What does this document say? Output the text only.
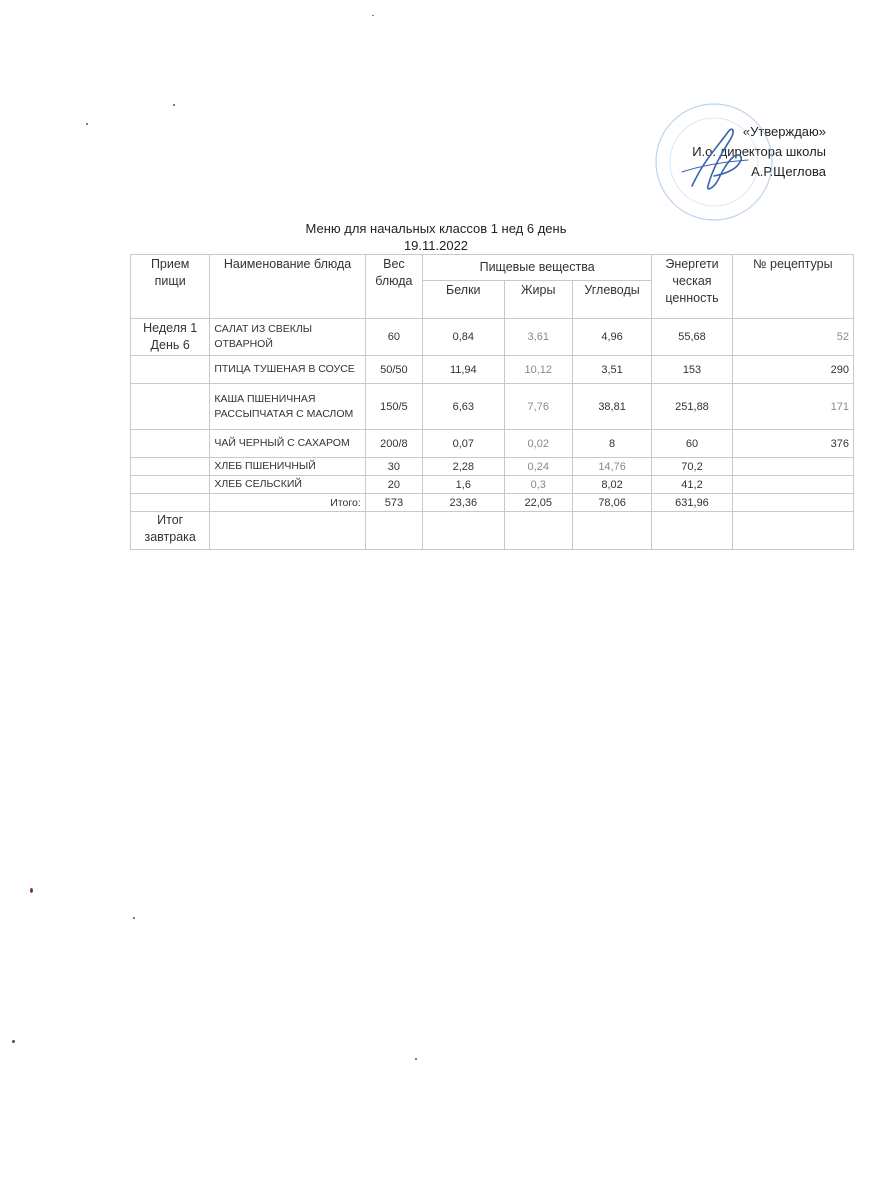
«Утверждаю»
И.о. директора школы
А.Р.Щеглова
Меню для начальных классов 1 нед 6 день
19.11.2022
Прием пищи	Наименование блюда	Вес блюда	Пищевые вещества			Энергети ческая ценность	№ рецептуры
			Белки	Жиры	Углеводы		
Неделя 1 День 6	САЛАТ ИЗ СВЕКЛЫ ОТВАРНОЙ	60	0,84	3,61	4,96	55,68	52
	ПТИЦА ТУШЕНАЯ В СОУСЕ	50/50	11,94	10,12	3,51	153	290
	КАША ПШЕНИЧНАЯ РАССЫПЧАТАЯ С МАСЛОМ	150/5	6,63	7,76	38,81	251,88	171
	ЧАЙ ЧЕРНЫЙ С САХАРОМ	200/8	0,07	0,02	8	60	376
	ХЛЕБ ПШЕНИЧНЫЙ	30	2,28	0,24	14,76	70,2	
	ХЛЕБ СЕЛЬСКИЙ	20	1,6	0,3	8,02	41,2	
	Итого:	573	23,36	22,05	78,06	631,96	
Итог завтрака							
